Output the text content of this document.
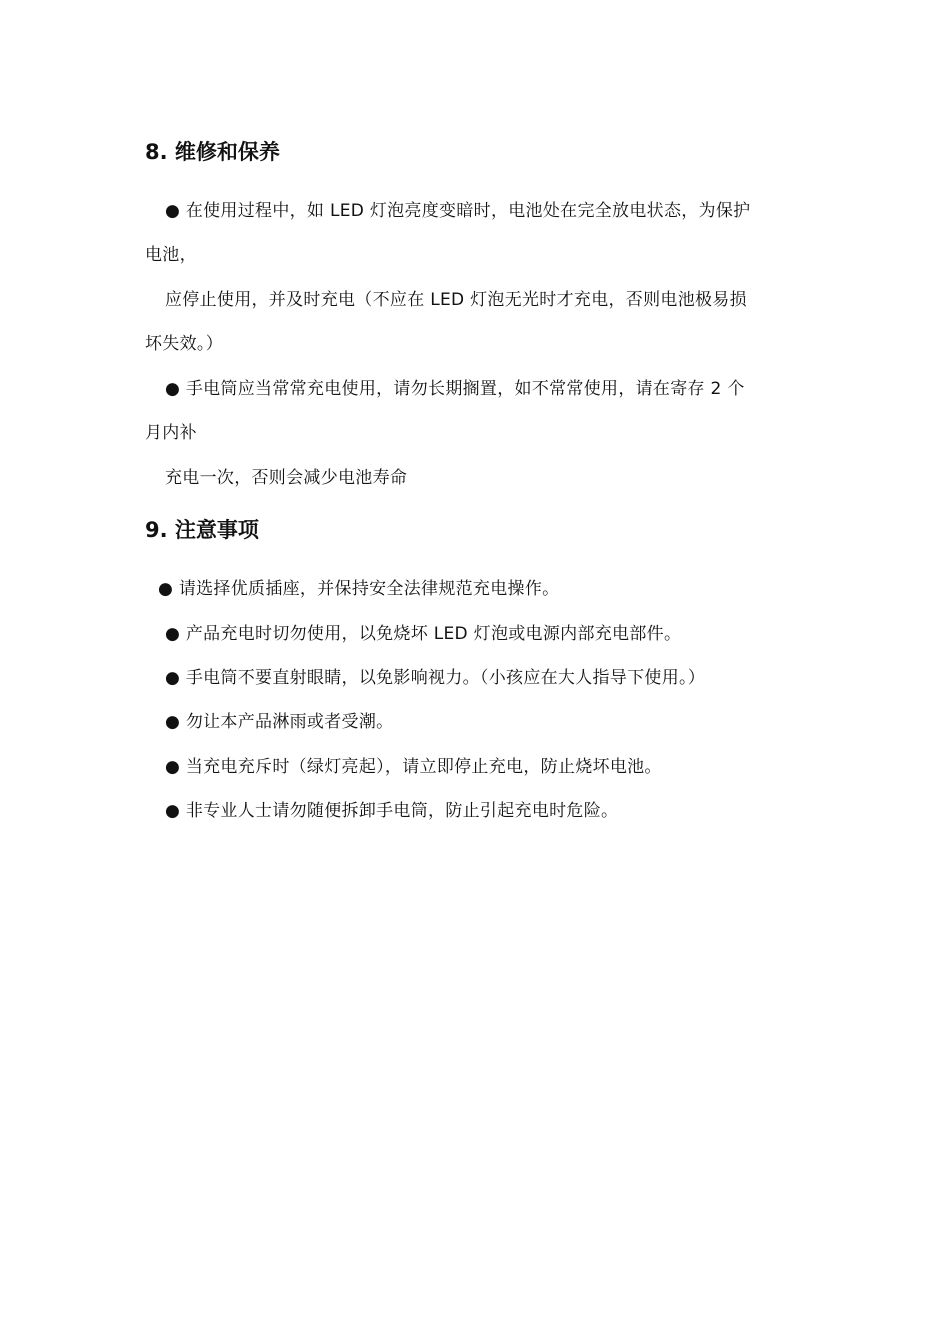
8. 维修和保养
● 在使用过程中，如 LED 灯泡亮度变暗时，电池处在完全放电状态，为保护
电池，
应停止使用，并及时充电（不应在 LED 灯泡无光时才充电，否则电池极易损
坏失效。）
● 手电筒应当常常充电使用，请勿长期搁置，如不常常使用，请在寄存 2 个
月内补
充电一次，否则会减少电池寿命
9. 注意事项
● 请选择优质插座，并保持安全法律规范充电操作。
● 产品充电时切勿使用，以免烧坏 LED 灯泡或电源内部充电部件。
● 手电筒不要直射眼睛，以免影响视力。（小孩应在大人指导下使用。）
● 勿让本产品淋雨或者受潮。
● 当充电充斥时（绿灯亮起），请立即停止充电，防止烧坏电池。
● 非专业人士请勿随便拆卸手电筒，防止引起充电时危险。
